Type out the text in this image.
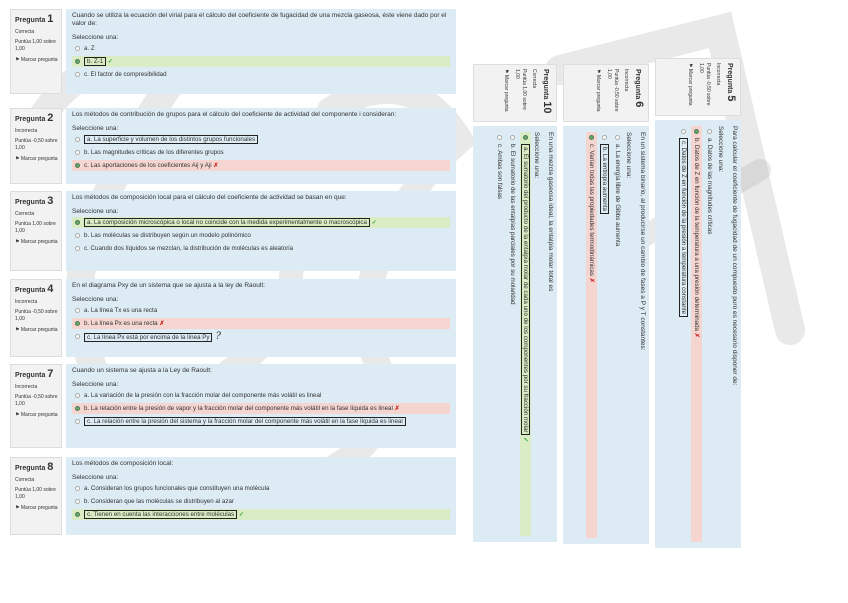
Pregunta 1
Correcta
Puntúa 1,00 sobre 1,00
⚑ Marcar pregunta
Cuando se utiliza la ecuación del virial para el cálculo del coeficiente de fugacidad de una mezcla gaseosa, éste viene dado por el valor de:
Seleccione una:
a. Z
b. Z-1 ✓
c. El factor de compresibilidad
Pregunta 2
Incorrecta
Puntúa -0,50 sobre 1,00
⚑ Marcar pregunta
Los métodos de contribución de grupos para el cálculo del coeficiente de actividad del componente i consideran:
Seleccione una:
a. La superficie y volumen de los distintos grupos funcionales
b. Las magnitudes críticas de los diferentes grupos
c. Las aportaciones de los coeficientes Aij y Aji ✗
Pregunta 3
Correcta
Puntúa 1,00 sobre 1,00
⚑ Marcar pregunta
Los métodos de composición local para el cálculo del coeficiente de actividad se basan en que:
Seleccione una:
a. La composición microscópica o local no coincide con la medida experimentalmente o macroscópica ✓
b. Las moléculas se distribuyen según un modelo polinómico
c. Cuando dos líquidos se mezclan, la distribución de moléculas es aleatoria
Pregunta 4
Incorrecta
Puntúa -0,50 sobre 1,00
⚑ Marcar pregunta
En el diagrama Pxy de un sistema que se ajusta a la ley de Raoult:
Seleccione una:
a. La línea Tx es una recta
b. La línea Px es una recta ✗
c. La línea Px está por encima de la línea Py ?
Pregunta 7
Incorrecta
Puntúa -0,50 sobre 1,00
⚑ Marcar pregunta
Cuando un sistema se ajusta a la Ley de Raoult:
Seleccione una:
a. La variación de la presión con la fracción molar del componente más volátil es lineal
b. La relación entre la presión de vapor y la fracción molar del componente más volátil en la fase líquida es lineal ✗
c. La relación entre la presión del sistema y la fracción molar del componente más volátil en la fase líquida es lineal
Pregunta 8
Correcta
Puntúa 1,00 sobre 1,00
⚑ Marcar pregunta
Los métodos de composición local:
Seleccione una:
a. Consideran los grupos funcionales que constituyen una molécula
b. Consideran que las moléculas se distribuyen al azar
c. Tienen en cuenta las interacciones entre moléculas ✓
Pregunta 10
Correcta
Puntúa 1,00 sobre 1,00
⚑ Marcar pregunta
En una mezcla gaseosa ideal, la entalpía molar total es
Seleccione una:
a. El sumatorio del producto de la entalpía molar de cada uno de los componentes por su fracción molar ✓
b. El sumatorio de las entalpías parciales por su molaridad
c. Ambas son falsas
Pregunta 6
Incorrecta
Puntúa -0,50 sobre 1,00
⚑ Marcar pregunta
En un sistema binario, al producirse un cambio de fases a P y T constantes:
Seleccione una:
a. La energía libre de Gibbs aumenta
b. La entropía aumenta
c. Varían todas las propiedades termodinámicas ✗
Pregunta 5
Incorrecta
Puntúa -0,50 sobre 1,00
⚑ Marcar pregunta
Para calcular el coeficiente de fugacidad de un compuesto puro es necesario disponer de:
Seleccione una:
a. Datos de las magnitudes críticas
b. Datos de Z en función de la temperatura a una presión determinada ✗
c. Datos de Z en función de la presión a temperatura constante
